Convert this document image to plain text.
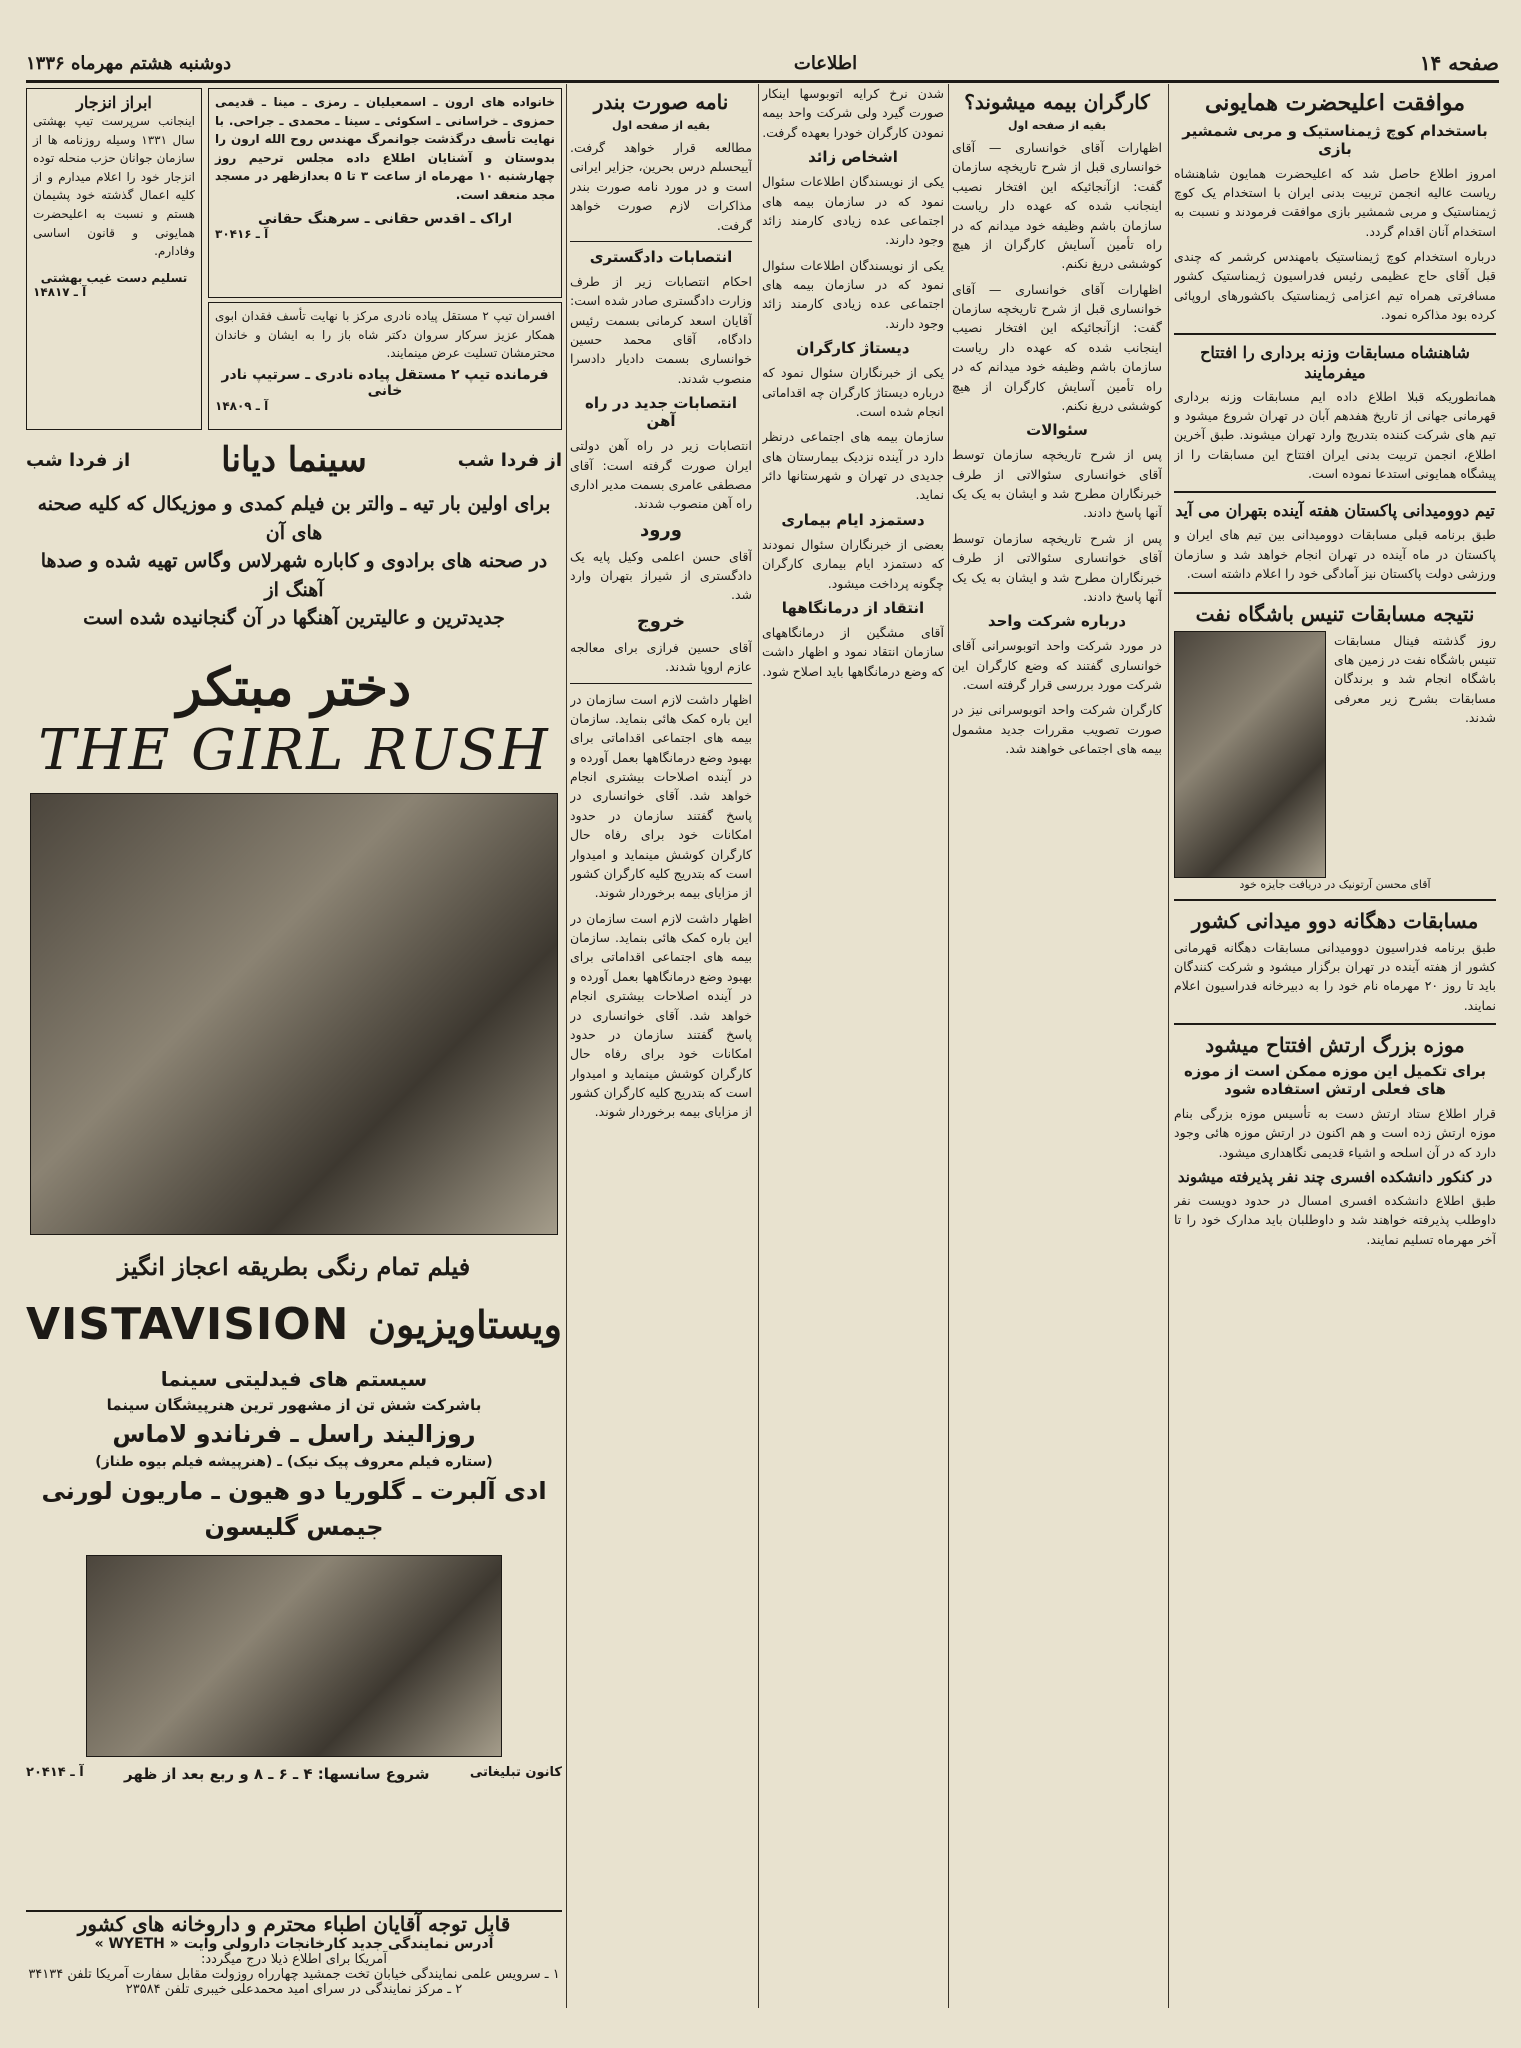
صفحه ۱۴
اطلاعات
دوشنبه هشتم مهرماه ۱۳۳۶
موافقت اعلیحضرت همایونی
باستخدام کوچ ژیمناستیک و مربی شمشیر بازی

امروز اطلاع حاصل شد که اعلیحضرت همایون شاهنشاه ریاست عالیه انجمن تربیت بدنی ایران با استخدام یک کوچ ژیمناستیک و مربی شمشیر بازی موافقت فرمودند و نسبت به استخدام آنان اقدام گردد.

درباره استخدام کوچ ژیمناستیک بامهندس کرشمر که چندی قبل آقای حاج عظیمی رئیس فدراسیون ژیمناستیک کشور مسافرتی همراه تیم اعزامی ژیمناستیک باکشورهای اروپائی کرده بود مذاکره نمود.

شاهنشاه مسابقات وزنه برداری را افتتاح میفرمایند

همانطوریکه قبلا اطلاع داده ایم مسابقات وزنه برداری قهرمانی جهانی از تاریخ هفدهم آبان در تهران شروع میشود و تیم های شرکت کننده بتدریج وارد تهران میشوند. طبق آخرین اطلاع، انجمن تربیت بدنی ایران افتتاح این مسابقات را از پیشگاه همایونی استدعا نموده است.

تیم دوومیدانی پاکستان هفته آینده بتهران می آید

طبق برنامه قبلی مسابقات دوومیدانی بین تیم های ایران و پاکستان در ماه آینده در تهران انجام خواهد شد و سازمان ورزشی دولت پاکستان نیز آمادگی خود را اعلام داشته است.

نتیجه مسابقات تنیس باشگاه نفت

روز گذشته فینال مسابقات تنیس باشگاه نفت در زمین های باشگاه انجام شد و برندگان مسابقات بشرح زیر معرفی شدند.

آقای محسن آرتونیک در دریافت جایزه خود
مسابقات دهگانه دوو میدانی کشور

طبق برنامه فدراسیون دوومیدانی مسابقات دهگانه قهرمانی کشور از هفته آینده در تهران برگزار میشود و شرکت کنندگان باید تا روز ۲۰ مهرماه نام خود را به دبیرخانه فدراسیون اعلام نمایند.

موزه بزرگ ارتش افتتاح میشود
برای تکمیل این موزه ممکن است از موزه های فعلی ارتش استفاده شود

قرار اطلاع ستاد ارتش دست به تأسیس موزه بزرگی بنام موزه ارتش زده است و هم اکنون در ارتش موزه هائی وجود دارد که در آن اسلحه و اشیاء قدیمی نگاهداری میشود.

در کنکور دانشکده افسری چند نفر پذیرفته میشوند

طبق اطلاع دانشکده افسری امسال در حدود دویست نفر داوطلب پذیرفته خواهند شد و داوطلبان باید مدارک خود را تا آخر مهرماه تسلیم نمایند.

کارگران بیمه میشوند؟
بقیه از صفحه اول

اظهارات آقای خوانساری — آقای خوانساری قبل از شرح تاریخچه سازمان گفت: ازآنجائیکه این افتخار نصیب اینجانب شده که عهده دار ریاست سازمان باشم وظیفه خود میدانم که در راه تأمین آسایش کارگران از هیچ کوششی دریغ نکنم.

اظهارات آقای خوانساری — آقای خوانساری قبل از شرح تاریخچه سازمان گفت: ازآنجائیکه این افتخار نصیب اینجانب شده که عهده دار ریاست سازمان باشم وظیفه خود میدانم که در راه تأمین آسایش کارگران از هیچ کوششی دریغ نکنم.

سئوالات

پس از شرح تاریخچه سازمان توسط آقای خوانساری سئوالاتی از طرف خبرنگاران مطرح شد و ایشان به یک یک آنها پاسخ دادند.

پس از شرح تاریخچه سازمان توسط آقای خوانساری سئوالاتی از طرف خبرنگاران مطرح شد و ایشان به یک یک آنها پاسخ دادند.

درباره شرکت واحد

در مورد شرکت واحد اتوبوسرانی آقای خوانساری گفتند که وضع کارگران این شرکت مورد بررسی قرار گرفته است.

کارگران شرکت واحد اتوبوسرانی نیز در صورت تصویب مقررات جدید مشمول بیمه های اجتماعی خواهند شد.

شدن نرخ کرایه اتوبوسها اینکار صورت گیرد ولی شرکت واحد بیمه نمودن کارگران خودرا بعهده گرفت.

اشخاص زائد

یکی از نویسندگان اطلاعات سئوال نمود که در سازمان بیمه های اجتماعی عده زیادی کارمند زائد وجود دارند.

یکی از نویسندگان اطلاعات سئوال نمود که در سازمان بیمه های اجتماعی عده زیادی کارمند زائد وجود دارند.

دیستاژ کارگران

یکی از خبرنگاران سئوال نمود که درباره دیستاژ کارگران چه اقداماتی انجام شده است.

سازمان بیمه های اجتماعی درنظر دارد در آینده نزدیک بیمارستان های جدیدی در تهران و شهرستانها دائر نماید.

دستمزد ایام بیماری

بعضی از خبرنگاران سئوال نمودند که دستمزد ایام بیماری کارگران چگونه پرداخت میشود.

انتقاد از درمانگاهها

آقای مشگین از درمانگاههای سازمان انتقاد نمود و اظهار داشت که وضع درمانگاهها باید اصلاح شود.

نامه صورت بندر
بقیه از صفحه اول

مطالعه قرار خواهد گرفت. آییحسلم درس بحرین، جزایر ایرانی است و در مورد نامه صورت بندر مذاکرات لازم صورت خواهد گرفت.

انتصابات دادگستری

احکام انتصابات زیر از طرف وزارت دادگستری صادر شده است: آقایان اسعد کرمانی بسمت رئیس دادگاه، آقای محمد حسین خوانساری بسمت دادیار دادسرا منصوب شدند.

انتصابات جدید در راه آهن

انتصابات زیر در راه آهن دولتی ایران صورت گرفته است: آقای مصطفی عامری بسمت مدیر اداری راه آهن منصوب شدند.

ورود

آقای حسن اعلمی وکیل پایه یک دادگستری از شیراز بتهران وارد شد.

خروج

آقای حسین فرازی برای معالجه عازم اروپا شدند.

اظهار داشت لازم است سازمان در این باره کمک هائی بنماید. سازمان بیمه های اجتماعی اقداماتی برای بهبود وضع درمانگاهها بعمل آورده و در آینده اصلاحات بیشتری انجام خواهد شد. آقای خوانساری در پاسخ گفتند سازمان در حدود امکانات خود برای رفاه حال کارگران کوشش مینماید و امیدوار است که بتدریج کلیه کارگران کشور از مزایای بیمه برخوردار شوند.

اظهار داشت لازم است سازمان در این باره کمک هائی بنماید. سازمان بیمه های اجتماعی اقداماتی برای بهبود وضع درمانگاهها بعمل آورده و در آینده اصلاحات بیشتری انجام خواهد شد. آقای خوانساری در پاسخ گفتند سازمان در حدود امکانات خود برای رفاه حال کارگران کوشش مینماید و امیدوار است که بتدریج کلیه کارگران کشور از مزایای بیمه برخوردار شوند.

ابراز انزجار
اینجانب سرپرست تیپ بهشتی سال ۱۳۳۱ وسیله روزنامه ها از سازمان جوانان حزب منحله توده انزجار خود را اعلام میدارم و از کلیه اعمال گذشته خود پشیمان هستم و نسبت به اعلیحضرت همایونی و قانون اساسی وفادارم.
تسلیم دست غیب بهشتی
آ ـ ۱۴۸۱۷
خانواده های ارون ـ اسمعیلیان ـ رمزی ـ مینا ـ قدیمی حمزوی ـ خراسانی ـ اسکوئی ـ سینا ـ محمدی ـ جراحی. با نهایت تأسف درگذشت جوانمرگ مهندس روح الله ارون را بدوستان و آشنایان اطلاع داده مجلس ترحیم روز چهارشنبه ۱۰ مهرماه از ساعت ۳ تا ۵ بعدازظهر در مسجد مجد منعقد است.
اراک ـ اقدس حقانی ـ سرهنگ حقانی
آ ـ ۳۰۴۱۶
افسران تیپ ۲ مستقل پیاده نادری مرکز با نهایت تأسف فقدان ابوی همکار عزیز سرکار سروان دکتر شاه باز را به ایشان و خاندان محترمشان تسلیت عرض مینمایند.
فرمانده تیپ ۲ مستقل پیاده نادری ـ سرتیپ نادر خانی
آ ـ ۱۴۸۰۹
از فردا شب
سینما دیانا
از فردا شب
برای اولین بار تیه ـ والتر بن فیلم کمدی و موزیکال که کلیه صحنه های آن
در صحنه های برادوی و کاباره شهرلاس وگاس تهیه شده و صدها آهنگ از
جدیدترین و عالیترین آهنگها در آن گنجانیده شده است
دختر مبتکر
THE GIRL RUSH
فیلم تمام رنگی بطریقه اعجاز انگیز
ویستاویزیون
VISTAVISION
سیستم های فیدلیتی سینما
باشرکت شش تن از مشهور ترین هنرپیشگان سینما
روزالیند راسل ـ فرناندو لاماس
(ستاره فیلم معروف پیک نیک) ـ (هنرپیشه فیلم بیوه طناز)
ادی آلبرت ـ گلوریا دو هیون ـ ماریون لورنی
جیمس گلیسون
کانون تبلیغاتی
شروع سانسها: ۴ ـ ۶ ـ ۸ و ربع بعد از ظهر
آ ـ ۲۰۴۱۴
قابل توجه آقایان اطباء محترم و داروخانه های کشور
آدرس نمایندگی جدید کارخانجات دارولی وایت « WYETH »
آمریکا برای اطلاع ذیلا درج میگردد:
۱ ـ سرویس علمی نمایندگی خیابان تخت جمشید چهارراه روزولت مقابل سفارت آمریکا تلفن ۳۴۱۳۴
۲ ـ مرکز نمایندگی در سرای امید محمدعلی خیبری تلفن ۲۳۵۸۴
